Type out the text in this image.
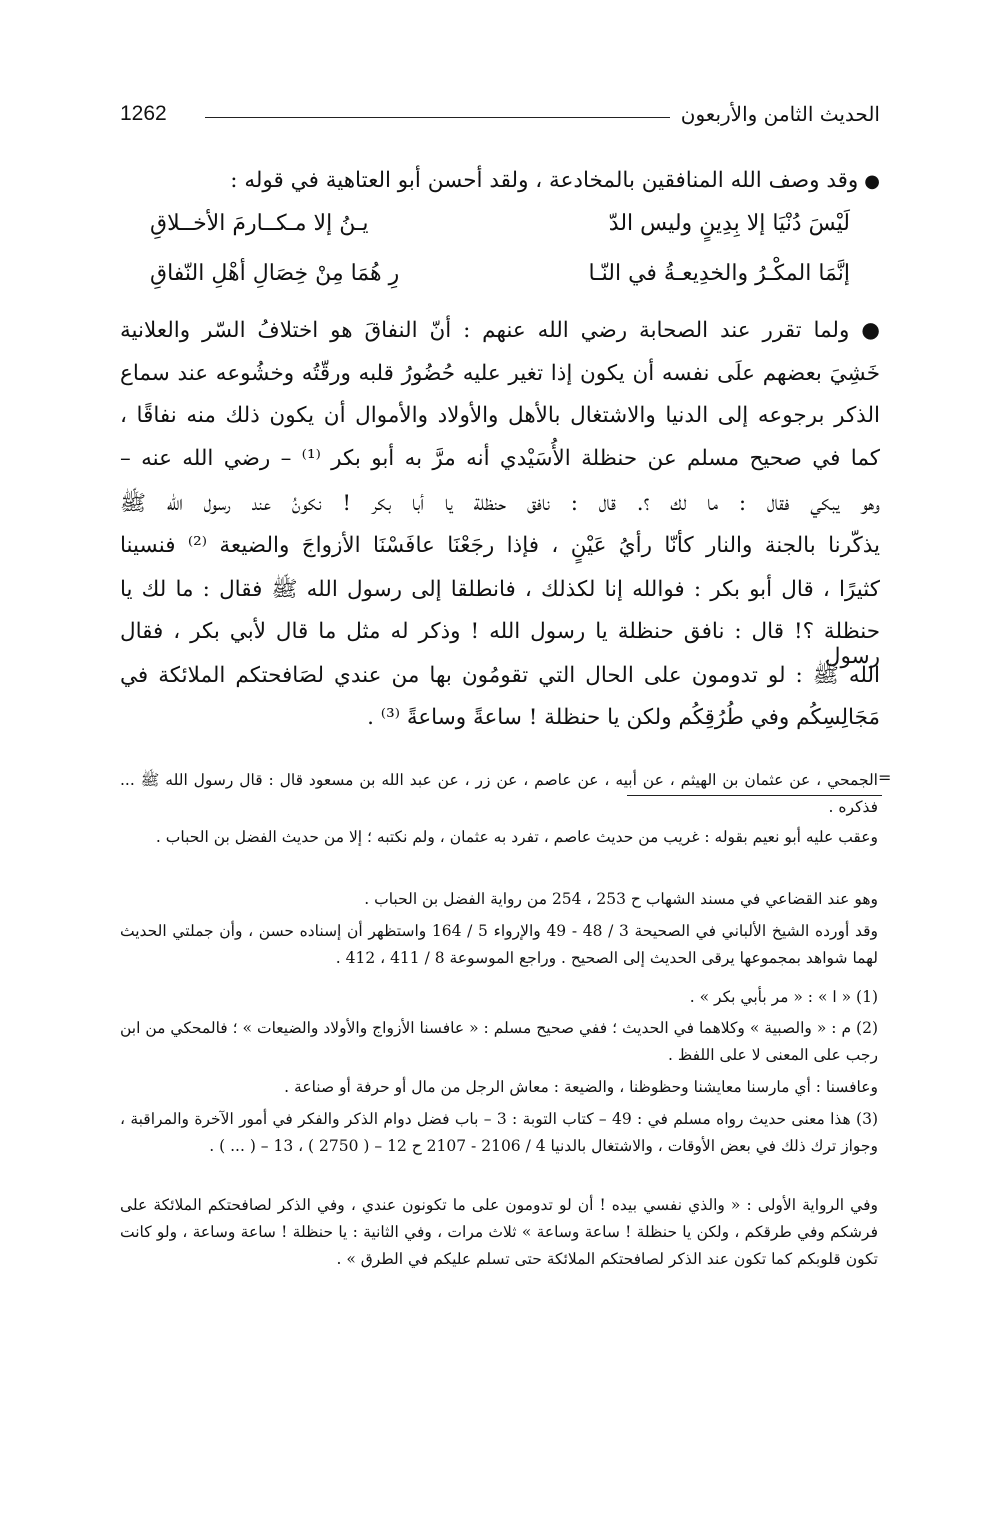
1262	الحديث الثامن والأربعون
●وقد وصف الله المنافقين بالمخادعة ، ولقد أحسن أبو العتاهية في قوله :
لَيْسَ دُنْيَا إلا بِدِينٍ وليس الدّ
يـنُ إلا مـكــارمَ الأخــلاقِ
إنَّمَا المكْـرُ والخدِيعـةُ في النّـا
رِ هُمَا مِنْ خِصَالِ أهْلِ النّفاقِ
● ولما تقرر عند الصحابة رضي الله عنهم : أنّ النفاقَ هو اختلافُ السّر والعلانية
خَشِيَ بعضهم علَى نفسه أن يكون إذا تغير عليه حُضُورُ قلبه ورقّتُه وخشُوعه عند سماع
الذكر برجوعه إلى الدنيا والاشتغال بالأهل والأولاد والأموال أن يكون ذلك منه نفاقًا ،
كما في صحيح مسلم عن حنظلة الأُسَيْدي أنه مرَّ به أبو بكر ⁽¹⁾ – رضي الله عنه –
وهو يبكي فقال : ما لك ؟. قال : نافق حنظلة يا أبا بكر ! نكونُ عند رسول الله ﷺ
يذكّرنا بالجنة والنار كأنّا رأيُ عَيْنٍ ، فإذا رجَعْنَا عافَسْنَا الأزواجَ والضيعة ⁽²⁾ فنسينا
كثيرًا ، قال أبو بكر : فوالله إنا لكذلك ، فانطلقا إلى رسول الله ﷺ فقال : ما لك يا
حنظلة ؟! قال : نافق حنظلة يا رسول الله ! وذكر له مثل ما قال لأبي بكر ، فقال رسول
الله ﷺ : لو تدومون على الحال التي تقومُون بها من عندي لصَافحتكم الملائكة في
مَجَالِسِكُم وفي طُرُقِكُم ولكن يا حنظلة ! ساعةً وساعةً ⁽³⁾ .
=
الجمحي ، عن عثمان بن الهيثم ، عن أبيه ، عن عاصم ، عن زر ، عن عبد الله بن مسعود قال : قال رسول الله ﷺ ... فذكره .
وعقب عليه أبو نعيم بقوله : غريب من حديث عاصم ، تفرد به عثمان ، ولم نكتبه ؛ إلا من حديث الفضل بن الحباب .
وهو عند القضاعي في مسند الشهاب ح 253 ، 254 من رواية الفضل بن الحباب .
وقد أورده الشيخ الألباني في الصحيحة 3 / 48 - 49 والإرواء 5 / 164 واستظهر أن إسناده حسن ، وأن جملتي الحديث لهما شواهد بمجموعها يرقى الحديث إلى الصحيح . وراجع الموسوعة 8 / 411 ، 412 .
(1) « ا » : « مر بأبي بكر » .
(2) م : « والصبية » وكلاهما في الحديث ؛ ففي صحيح مسلم : « عافسنا الأزواج والأولاد والضيعات » ؛ فالمحكي من ابن رجب على المعنى لا على اللفظ .
وعافسنا : أي مارسنا معايشنا وحظوظنا ، والضيعة : معاش الرجل من مال أو حرفة أو صناعة .
(3) هذا معنى حديث رواه مسلم في : 49 – كتاب التوبة : 3 – باب فضل دوام الذكر والفكر في أمور الآخرة والمراقبة ، وجواز ترك ذلك في بعض الأوقات ، والاشتغال بالدنيا 4 / 2106 - 2107 ح 12 – ( 2750 ) ، 13 – ( ... ) .
وفي الرواية الأولى : « والذي نفسي بيده ! أن لو تدومون على ما تكونون عندي ، وفي الذكر لصافحتكم الملائكة على فرشكم وفي طرقكم ، ولكن يا حنظلة ! ساعة وساعة » ثلاث مرات ، وفي الثانية : يا حنظلة ! ساعة وساعة ، ولو كانت تكون قلوبكم كما تكون عند الذكر لصافحتكم الملائكة حتى تسلم عليكم في الطرق » .
